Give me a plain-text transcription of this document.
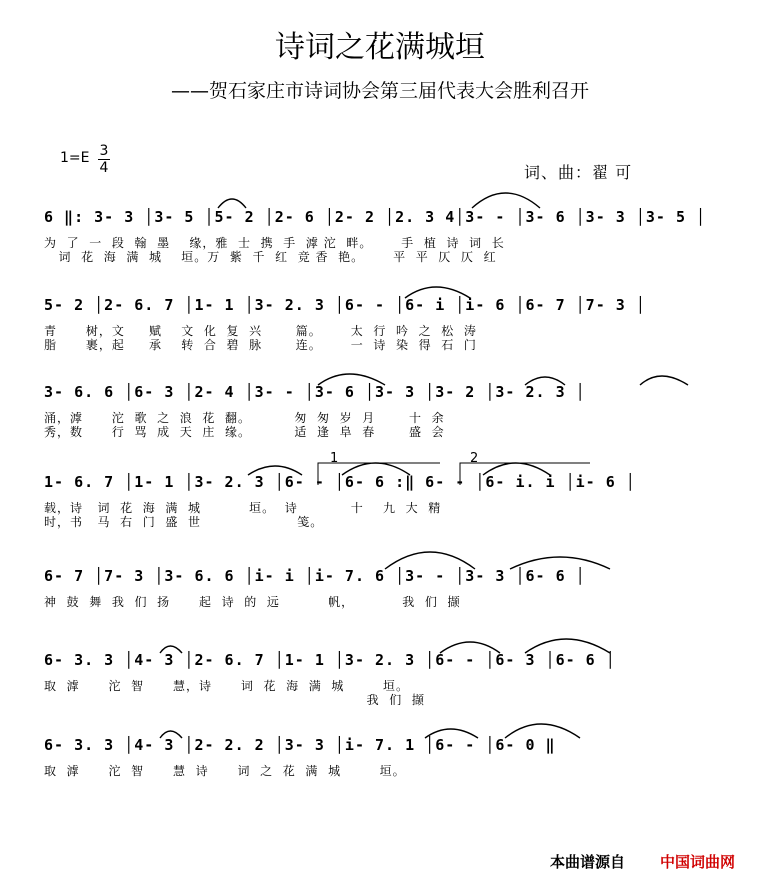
诗词之花满城垣
——贺石家庄市诗词协会第三届代表大会胜利召开
1=E 3
4	词、曲：翟 可
6 ‖: 3- 3 │3- 5 │5- 2 │2- 6 │2- 2 │2. 3 4│3- - │3- 6 │3- 3 │3- 5 │
为  了  一  段  翰  墨    缘，雅  士  携  手  滹 沱  畔。      手  植  诗  词  长
词  花  海  满  城    垣。万  紫  千  红  竞 香  艳。      平  平  仄  仄  红
5- 2 │2- 6. 7 │1- 1 │3- 2. 3 │6- - │6- i │i- 6 │6- 7 │7- 3 │
青      树，文     赋    文  化  复  兴       篇。      太  行  吟  之  松  涛
脂      裹，起     承    转  合  碧  脉       连。      一  诗  染  得  石  门
3- 6. 6 │6- 3 │2- 4 │3- - │3- 6 │3- 3 │3- 2 │3- 2. 3 │
涌，滹      沱  歌  之  浪  花  翻。         匆  匆  岁  月       十  余
秀，数      行  骂  成  天  庄  缘。         适  逢  阜  春       盛  会
1	2
1- 6. 7 │1- 1 │3- 2. 3 │6- - │6- 6 :‖ 6- - │6- i. i │i- 6 │
载，诗   词  花  海  满  城          垣。  诗           十    九  大  精
时，书   马  右  门  盛  世                    笺。
6- 7 │7- 3 │3- 6. 6 │i- i │i- 7. 6 │3- - │3- 3 │6- 6 │
神  鼓  舞  我  们  扬      起  诗  的  远          帆，          我  们  撷
6- 3. 3 │4- 3 │2- 6. 7 │1- 1 │3- 2. 3 │6- - │6- 3 │6- 6 │
取  滹      沱  智      慧，诗      词  花  海  满  城        垣。
我  们  撷
6- 3. 3 │4- 3 │2- 2. 2 │3- 3 │i- 7. 1 │6- - │6- 0 ‖
取  滹      沱  智      慧  诗      词  之  花  满  城        垣。
本曲谱源自 中国词曲网
